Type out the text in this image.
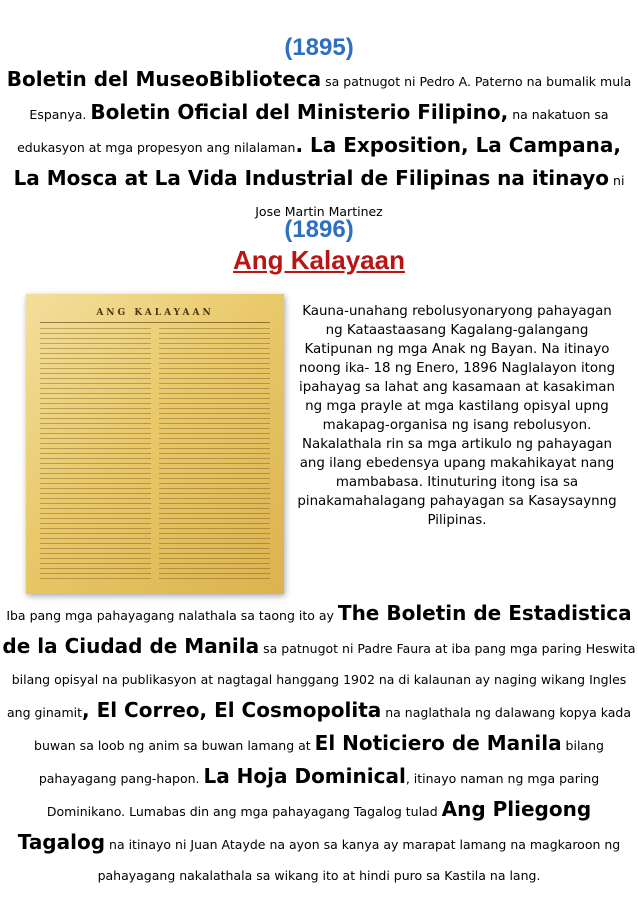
(1895)

Boletin del MuseoBiblioteca sa patnugot ni Pedro A. Paterno na bumalik mula Espanya. Boletin Oficial del Ministerio Filipino, na nakatuon sa edukasyon at mga propesyon ang nilalaman. La Exposition, La Campana, La Mosca at La Vida Industrial de Filipinas na itinayo ni Jose Martin Martinez

(1896)
Ang Kalayaan
ANG KALAYAAN	Kauna-unahang rebolusyonaryong pahayagan ng Kataastaasang Kagalang-galangang Katipunan ng mga Anak ng Bayan. Na itinayo noong ika- 18 ng Enero, 1896 Naglalayon itong ipahayag sa lahat ang kasamaan at kasakiman ng mga prayle at mga kastilang opisyal upng makapag-organisa ng isang rebolusyon. Nakalathala rin sa mga artikulo ng pahayagan ang ilang ebedensya upang makahikayat nang mambabasa. Itinuturing itong isa sa pinakamahalagang pahayagan sa Kasaysaynng Pilipinas.

Iba pang mga pahayagang nalathala sa taong ito ay The Boletin de Estadistica de la Ciudad de Manila sa patnugot ni Padre Faura at iba pang mga paring Heswita bilang opisyal na publikasyon at nagtagal hanggang 1902 na di kalaunan ay naging wikang Ingles ang ginamit, El Correo, El Cosmopolita na naglathala ng dalawang kopya kada buwan sa loob ng anim sa buwan lamang at El Noticiero de Manila bilang pahayagang pang-hapon. La Hoja Dominical, itinayo naman ng mga paring Dominikano. Lumabas din ang mga pahayagang Tagalog tulad Ang Pliegong Tagalog na itinayo ni Juan Atayde na ayon sa kanya ay marapat lamang na magkaroon ng pahayagang nakalathala sa wikang ito at hindi puro sa Kastila na lang.
